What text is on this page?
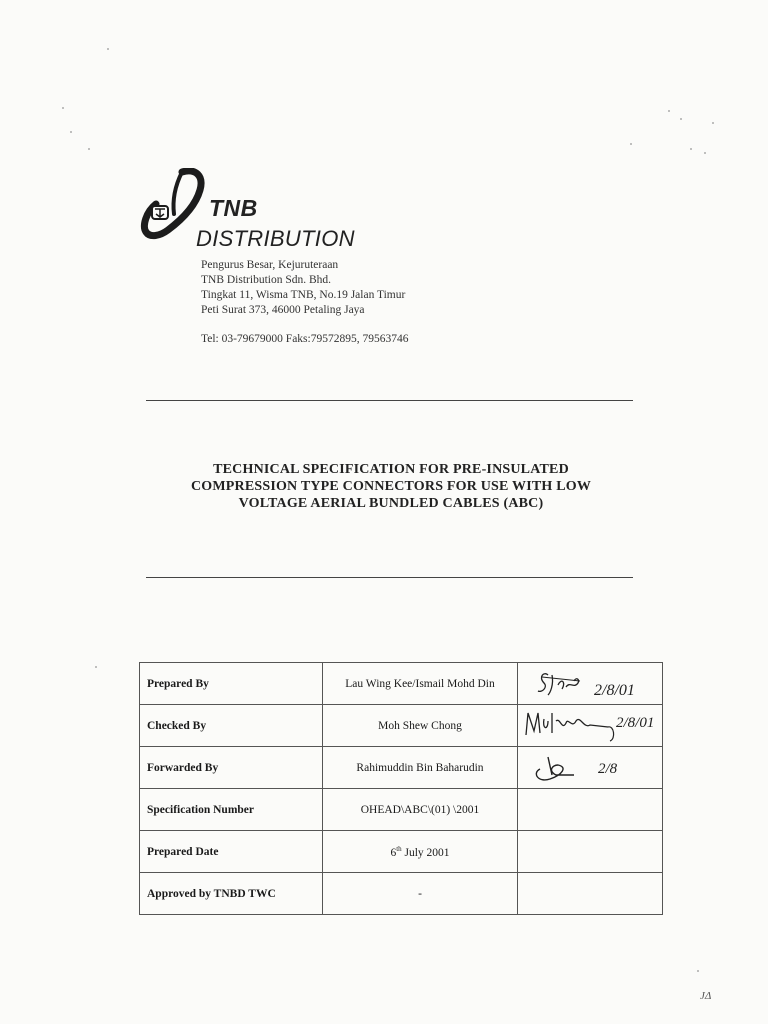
TNB
DISTRIBUTION
Pengurus Besar, Kejuruteraan
TNB Distribution Sdn. Bhd.
Tingkat 11, Wisma TNB, No.19 Jalan Timur
Peti Surat 373, 46000 Petaling Jaya
Tel: 03-79679000 Faks:79572895, 79563746
TECHNICAL SPECIFICATION FOR PRE-INSULATED
COMPRESSION TYPE CONNECTORS FOR USE WITH LOW
VOLTAGE AERIAL BUNDLED CABLES (ABC)
Prepared By	Lau Wing Kee/Ismail Mohd Din	2/8/01

Checked By	Moh Shew Chong	2/8/01

Forwarded By	Rahimuddin Bin Baharudin	2/8

Specification Number	OHEAD\ABC\(01) \2001	
Prepared Date	6th July 2001	
Approved by TNBD TWC	-	
JΔ
